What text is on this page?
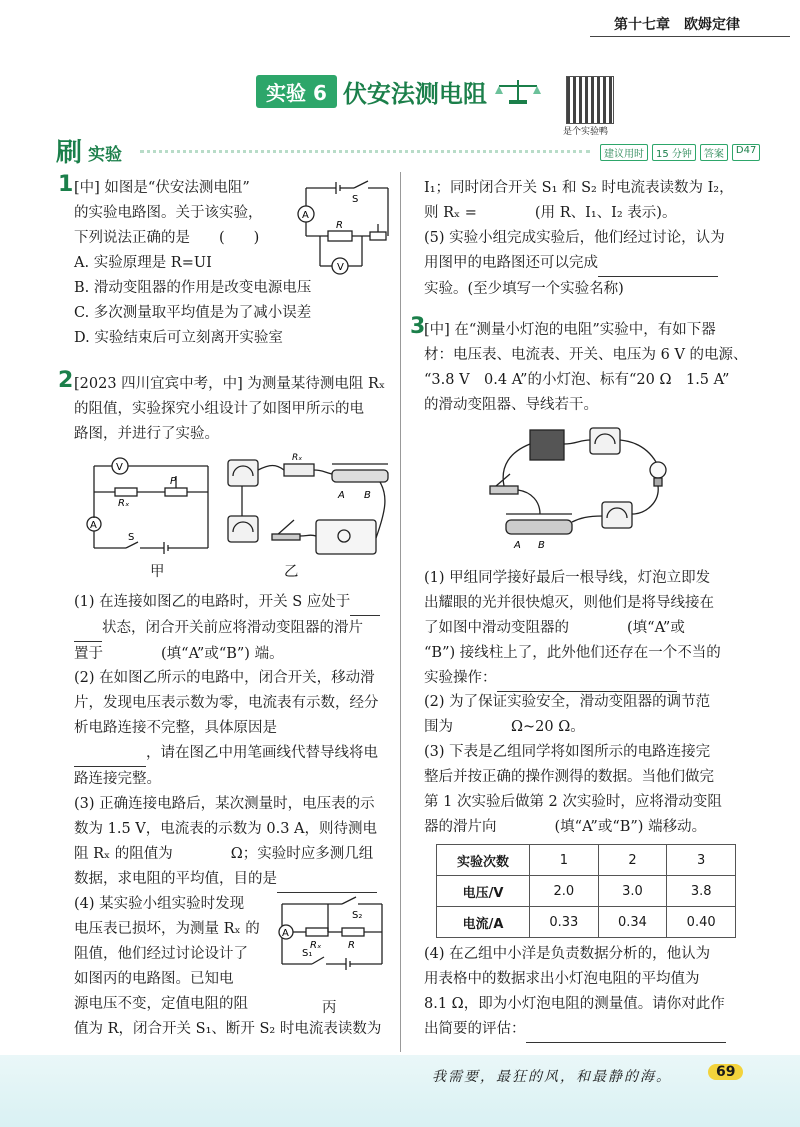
第十七章　欧姆定律
实验 6 伏安法测电阻
是个实验鸭
刷 实验	建议用时	15 分钟	答案	D47
1 [中] 如图是“伏安法测电阻”
的实验电路图。关于该实验，
下列说法正确的是　　(　　)
A. 实验原理是 R=UI
B. 滑动变阻器的作用是改变电源电压
C. 多次测量取平均值是为了减小误差
D. 实验结束后可立刻离开实验室
A
V
R
S
2 [2023 四川宜宾中考，中] 为测量某待测电阻 Rₓ
的阻值，实验探究小组设计了如图甲所示的电
路图，并进行了实验。
V
A
P
Rₓ
S
甲
A B
Rₓ
乙
(1) 在连接如图乙的电路时，开关 S 应处于
状态，闭合开关前应将滑动变阻器的滑片
置于　　　　(填“A”或“B”) 端。
(2) 在如图乙所示的电路中，闭合开关，移动滑
片，发现电压表示数为零，电流表有示数，经分
析电路连接不完整，具体原因是
，请在图乙中用笔画线代替导线将电
路连接完整。
(3) 正确连接电路后，某次测量时，电压表的示
数为 1.5 V，电流表的示数为 0.3 A，则待测电
阻 Rₓ 的阻值为　　　　Ω；实验时应多测几组
数据，求电阻的平均值，目的是
(4) 某实验小组实验时发现
电压表已损坏，为测量 Rₓ 的
阻值，他们经过讨论设计了
如图丙的电路图。已知电
源电压不变，定值电阻的阻
值为 R，闭合开关 S₁、断开 S₂ 时电流表读数为
A
Rₓ	R
S₂
S₁
丙
I₁；同时闭合开关 S₁ 和 S₂ 时电流表读数为 I₂，
则 Rₓ =　　　　(用 R、I₁、I₂ 表示)。
(5) 实验小组完成实验后，他们经过讨论，认为
用图甲的电路图还可以完成
实验。(至少填写一个实验名称)
3
[中] 在“测量小灯泡的电阻”实验中，有如下器
材：电压表、电流表、开关、电压为 6 V 的电源、
“3.8 V　0.4 A”的小灯泡、标有“20 Ω　1.5 A”
的滑动变阻器、导线若干。
A B
(1) 甲组同学接好最后一根导线，灯泡立即发
出耀眼的光并很快熄灭，则他们是将导线接在
了如图中滑动变阻器的　　　　(填“A”或
“B”) 接线柱上了，此外他们还存在一个不当的
实验操作：
(2) 为了保证实验安全，滑动变阻器的调节范
围为　　　　Ω~20 Ω。
(3) 下表是乙组同学将如图所示的电路连接完
整后并按正确的操作测得的数据。当他们做完
第 1 次实验后做第 2 次实验时，应将滑动变阻
器的滑片向　　　　(填“A”或“B”) 端移动。
实验次数	1	2	3
电压/V	2.0	3.0	3.8
电流/A	0.33	0.34	0.40
(4) 在乙组中小洋是负责数据分析的，他认为
用表格中的数据求出小灯泡电阻的平均值为
8.1 Ω，即为小灯泡电阻的测量值。请你对此作
出简要的评估：
我需要，最狂的风，和最静的海。	69
